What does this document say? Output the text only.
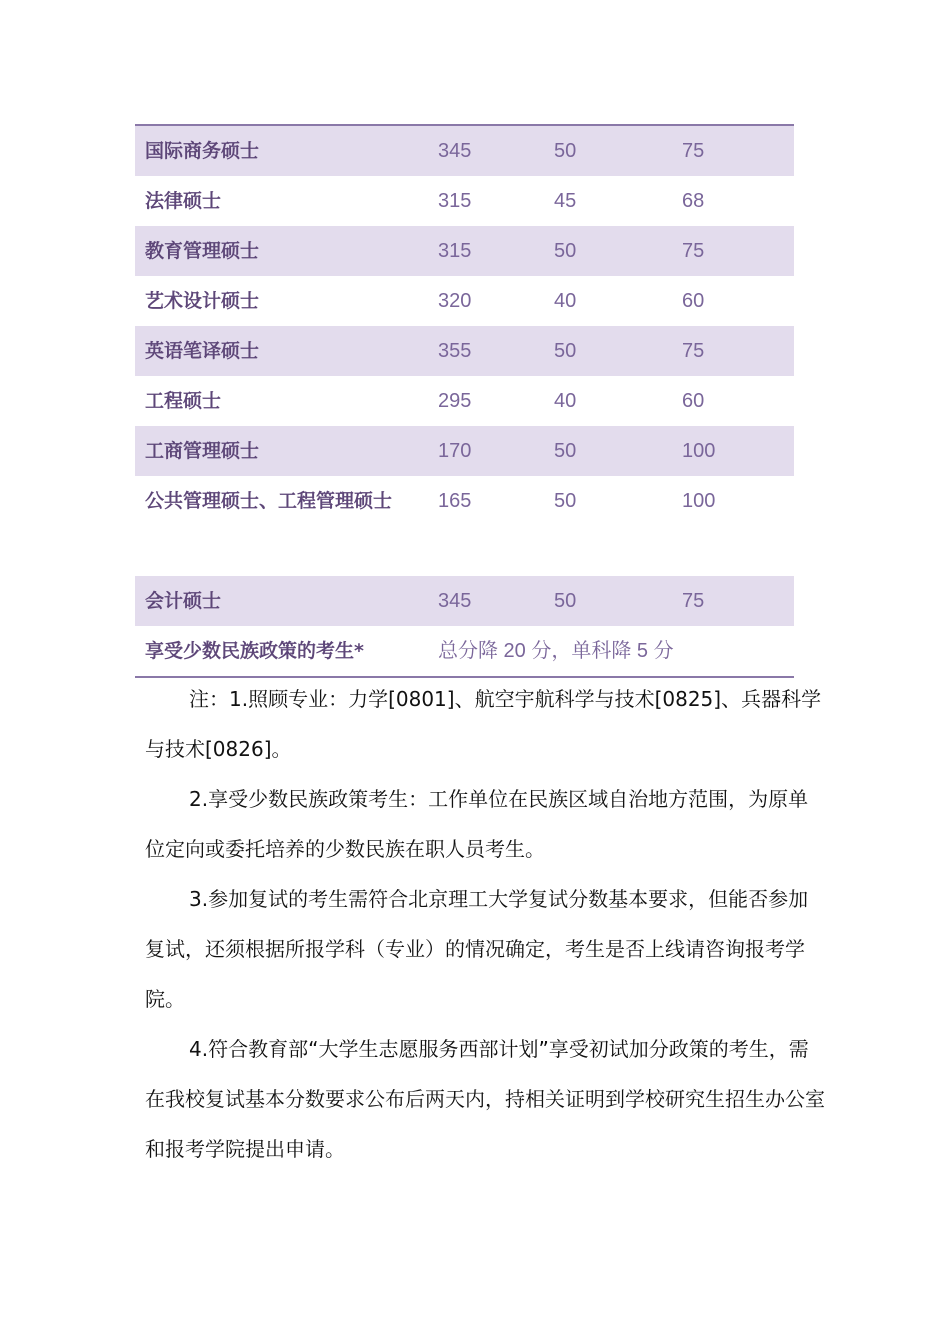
国际商务硕士	345	50	75
法律硕士	315	45	68
教育管理硕士	315	50	75
艺术设计硕士	320	40	60
英语笔译硕士	355	50	75
工程硕士	295	40	60
工商管理硕士	170	50	100
公共管理硕士、工程管理硕士	165	50	100
会计硕士	345	50	75
享受少数民族政策的考生*	总分降 20 分，单科降 5 分		

注：1.照顾专业：力学[0801]、航空宇航科学与技术[0825]、兵器科学与技术[0826]。

2.享受少数民族政策考生：工作单位在民族区域自治地方范围，为原单位定向或委托培养的少数民族在职人员考生。

3.参加复试的考生需符合北京理工大学复试分数基本要求，但能否参加复试，还须根据所报学科（专业）的情况确定，考生是否上线请咨询报考学院。

4.符合教育部“大学生志愿服务西部计划”享受初试加分政策的考生，需在我校复试基本分数要求公布后两天内，持相关证明到学校研究生招生办公室和报考学院提出申请。
